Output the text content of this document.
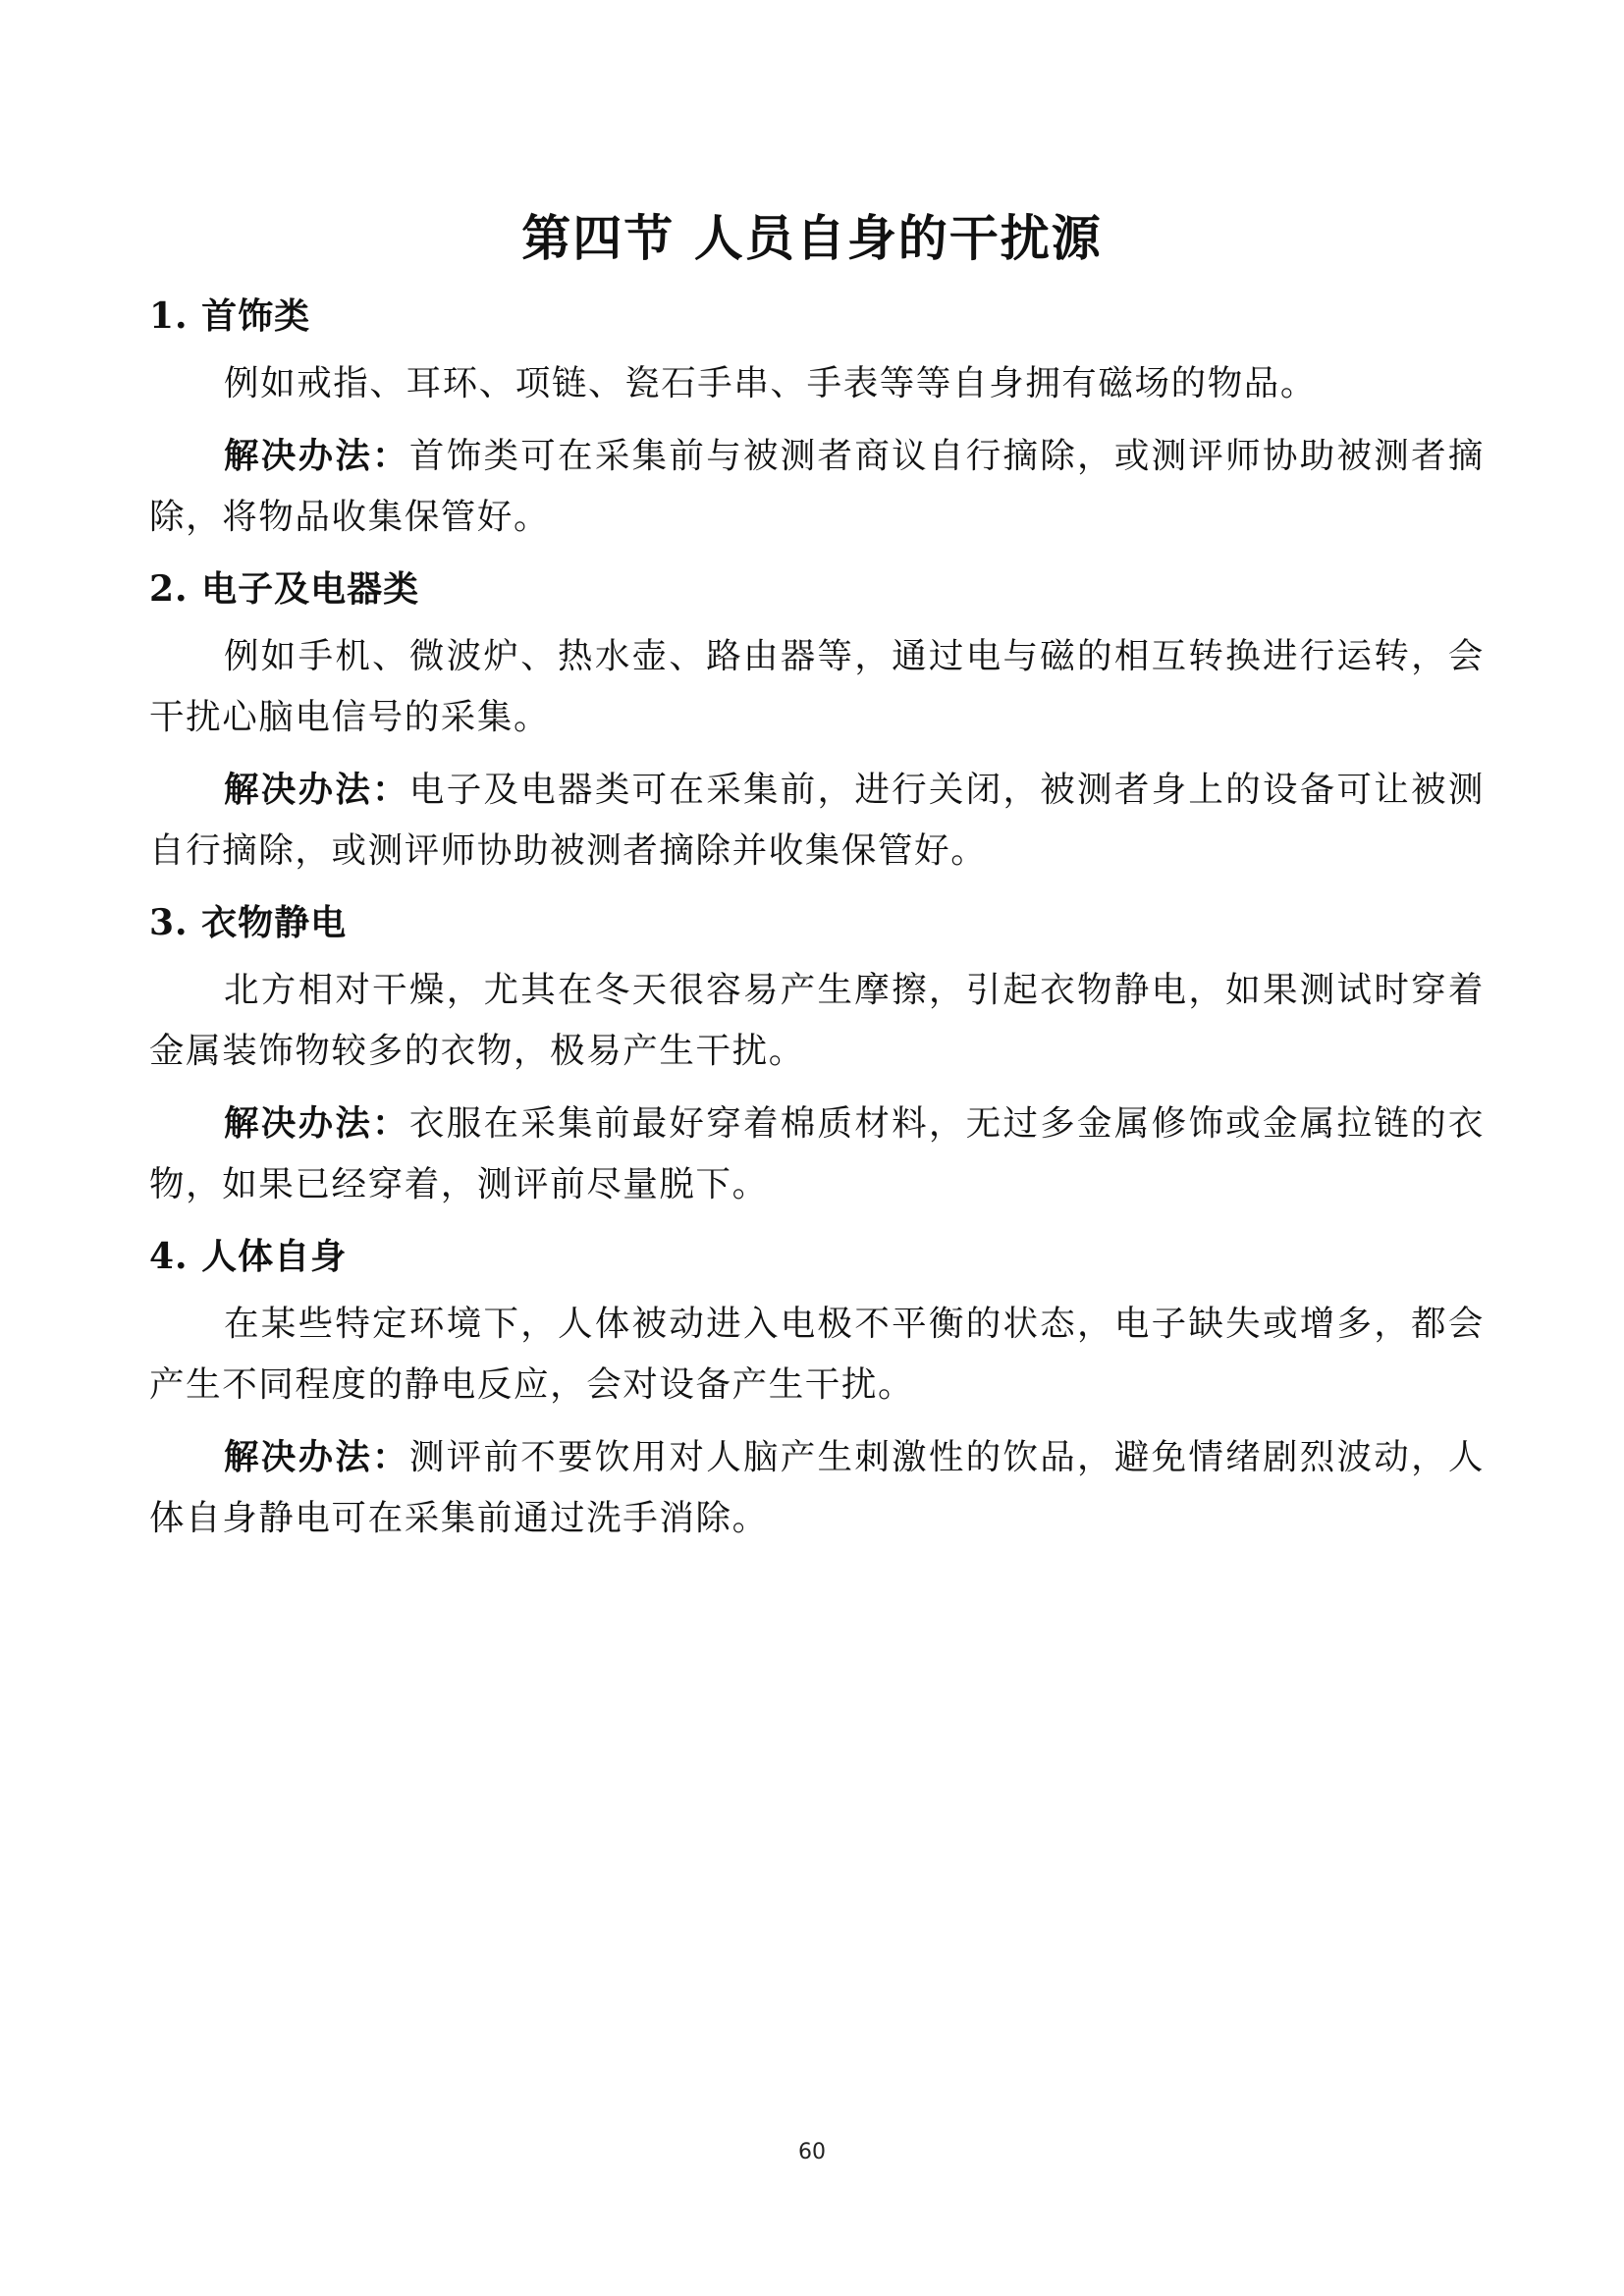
第四节 人员自身的干扰源
1. 首饰类

例如戒指、耳环、项链、瓷石手串、手表等等自身拥有磁场的物品。

解决办法：首饰类可在采集前与被测者商议自行摘除，或测评师协助被测者摘除，将物品收集保管好。

2. 电子及电器类

例如手机、微波炉、热水壶、路由器等，通过电与磁的相互转换进行运转，会干扰心脑电信号的采集。

解决办法：电子及电器类可在采集前，进行关闭，被测者身上的设备可让被测自行摘除，或测评师协助被测者摘除并收集保管好。

3. 衣物静电

北方相对干燥，尤其在冬天很容易产生摩擦，引起衣物静电，如果测试时穿着金属装饰物较多的衣物，极易产生干扰。

解决办法：衣服在采集前最好穿着棉质材料，无过多金属修饰或金属拉链的衣物，如果已经穿着，测评前尽量脱下。

4. 人体自身

在某些特定环境下，人体被动进入电极不平衡的状态，电子缺失或增多，都会产生不同程度的静电反应，会对设备产生干扰。

解决办法：测评前不要饮用对人脑产生刺激性的饮品，避免情绪剧烈波动，人体自身静电可在采集前通过洗手消除。

60
